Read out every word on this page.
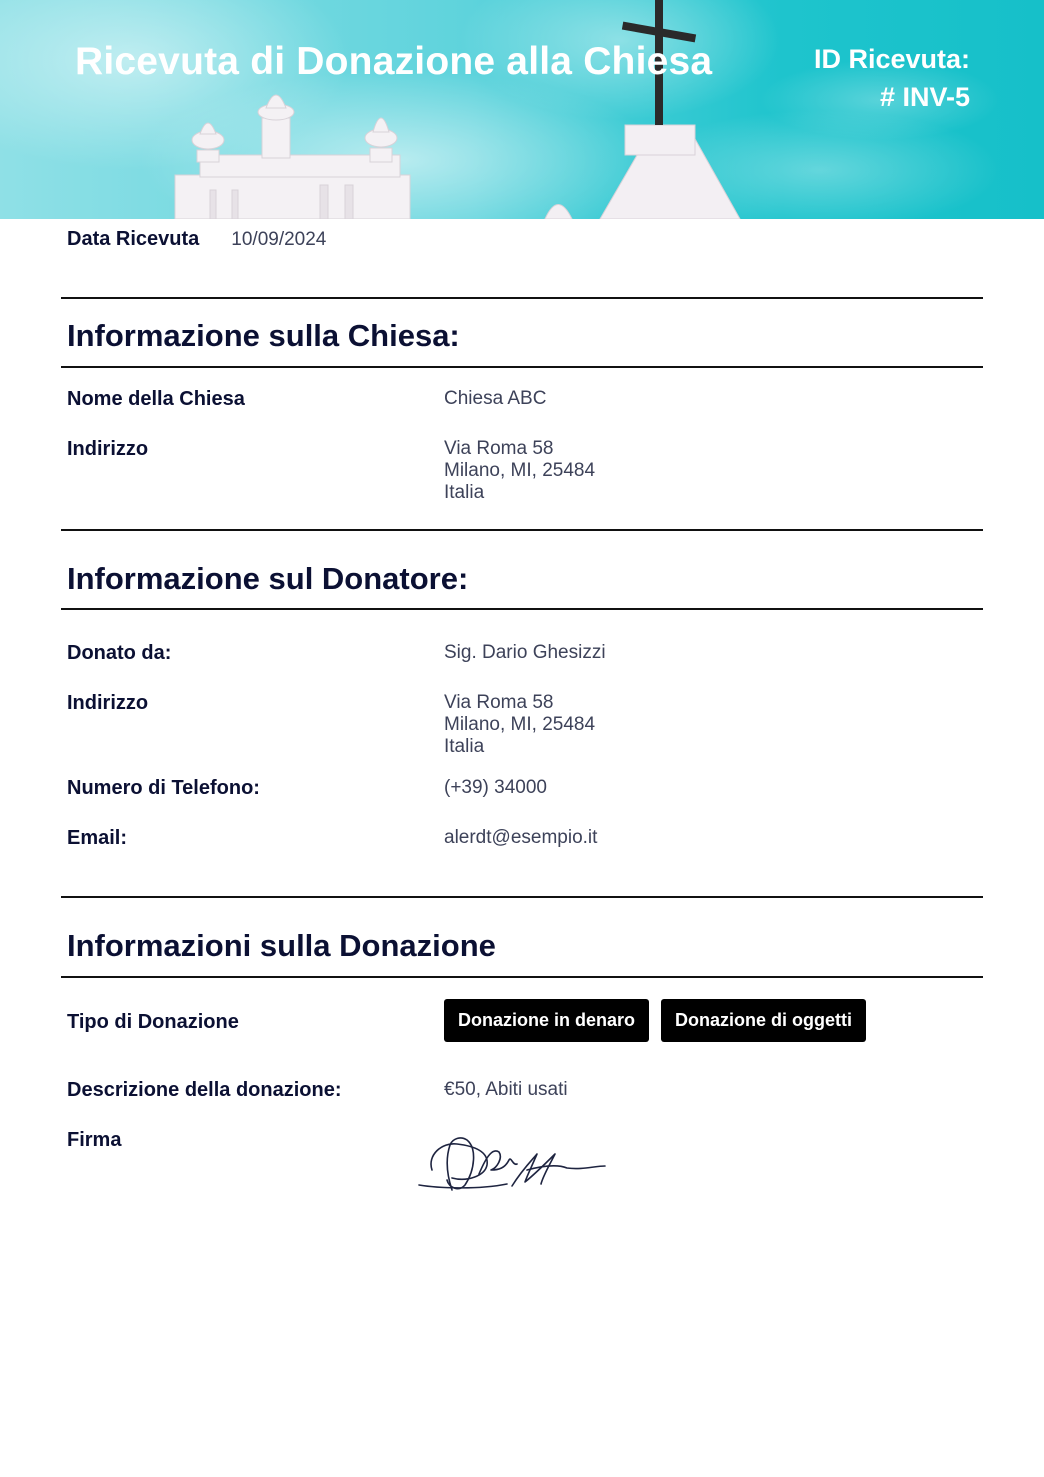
Ricevuta di Donazione alla Chiesa	ID Ricevuta:
# INV-5
Data Ricevuta 10/09/2024
Informazione sulla Chiesa:
Nome della Chiesa	Chiesa ABC
Indirizzo	Via Roma 58
Milano, MI, 25484
Italia
Informazione sul Donatore:
Donato da:	Sig. Dario Ghesizzi
Indirizzo	Via Roma 58
Milano, MI, 25484
Italia
Numero di Telefono:	(+39) 34000
Email:	alerdt@esempio.it
Informazioni sulla Donazione
Tipo di Donazione	Donazione in denaro Donazione di oggetti
Descrizione della donazione:	€50, Abiti usati
Firma
